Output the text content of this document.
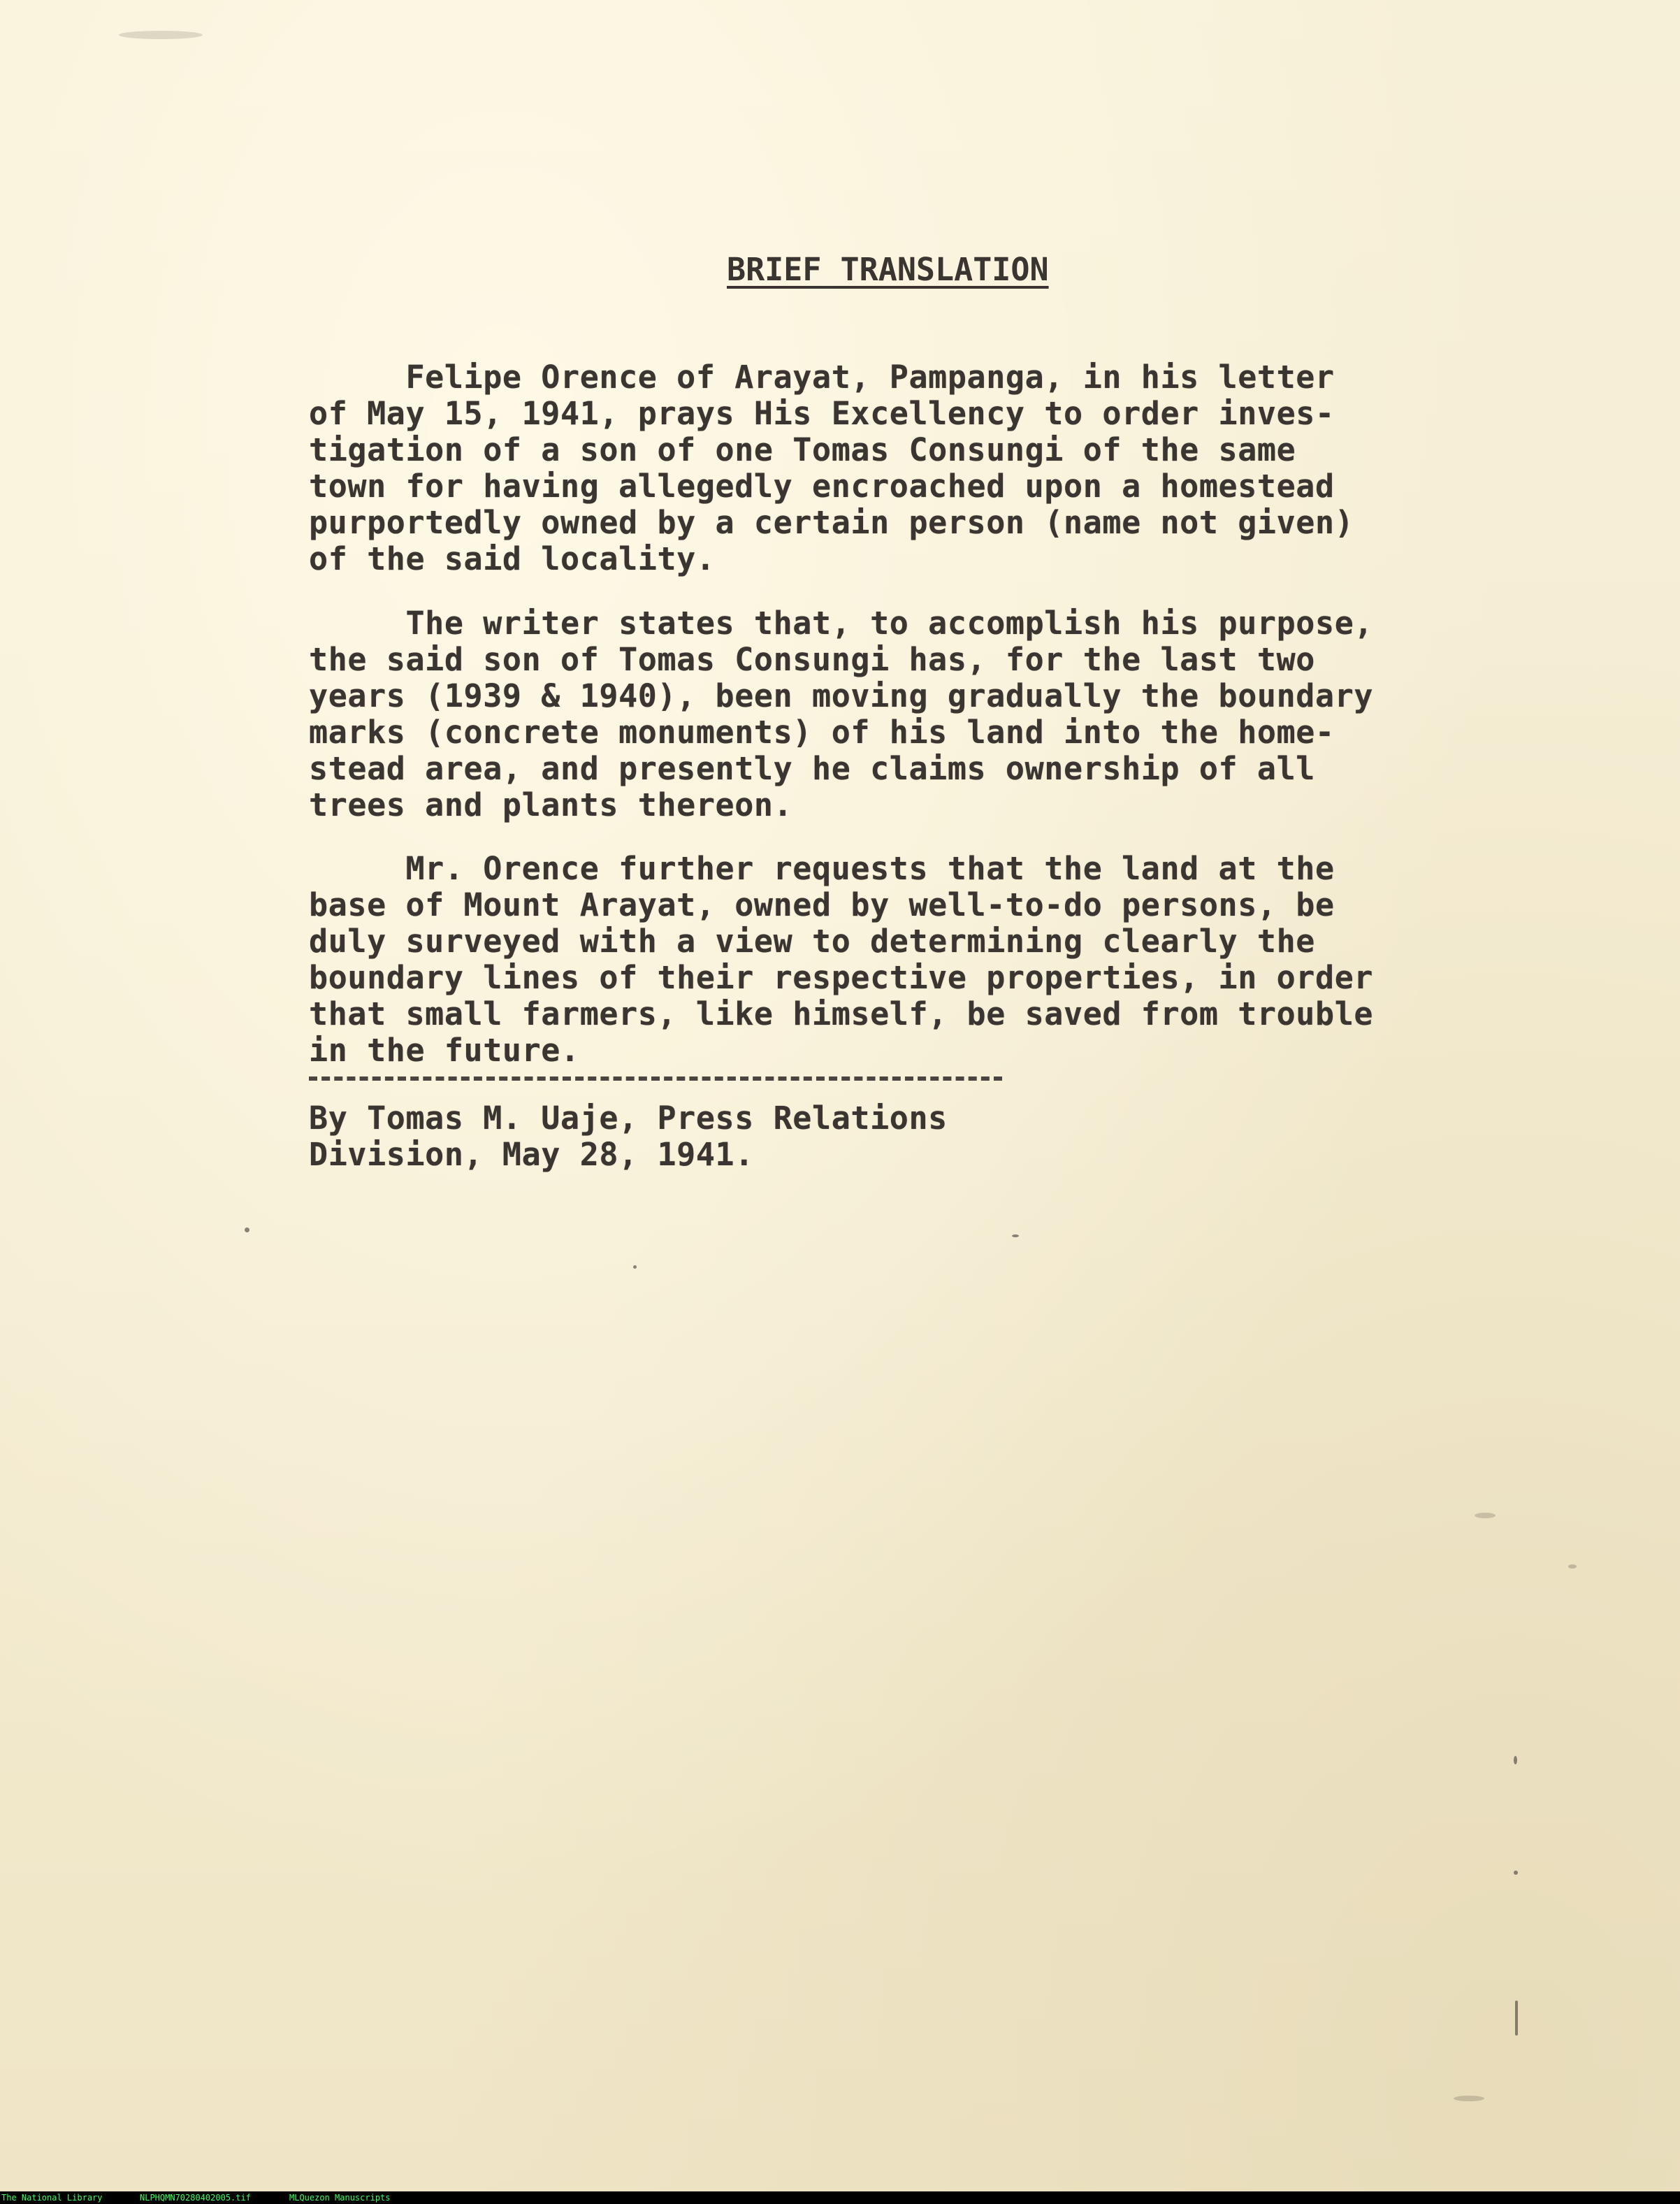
BRIEF TRANSLATION
Felipe Orence of Arayat, Pampanga, in his letter
of May 15, 1941, prays His Excellency to order inves-
tigation of a son of one Tomas Consungi of the same
town for having allegedly encroached upon a homestead
purportedly owned by a certain person (name not given)
of the said locality.
The writer states that, to accomplish his purpose,
the said son of Tomas Consungi has, for the last two
years (1939 & 1940), been moving gradually the boundary
marks (concrete monuments) of his land into the home-
stead area, and presently he claims ownership of all
trees and plants thereon.
Mr. Orence further requests that the land at the
base of Mount Arayat, owned by well-to-do persons, be
duly surveyed with a view to determining clearly the
boundary lines of their respective properties, in order
that small farmers, like himself, be saved from trouble
in the future.
By Tomas M. Uaje, Press Relations
Division, May 28, 1941.
The National Library	NLPHQMN70280402005.tif	MLQuezon Manuscripts
